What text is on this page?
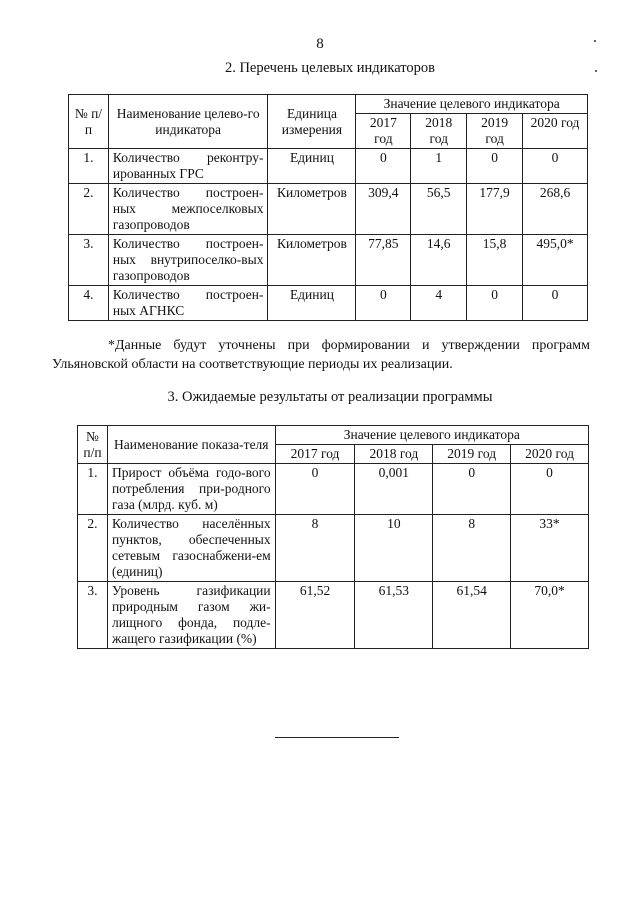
8
2. Перечень целевых индикаторов
№ п/п	Наименование целево-го индикатора	Единица измерения	Значение целевого индикатора			
			2017 год	2018 год	2019 год	2020 год
1.	Количество реконтру-ированных ГРС	Единиц	0	1	0	0
2.	Количество построен-ных межпоселковых газопроводов	Километров	309,4	56,5	177,9	268,6
3.	Количество построен-ных внутрипоселко-вых газопроводов	Километров	77,85	14,6	15,8	495,0*
4.	Количество построен-ных АГНКС	Единиц	0	4	0	0
*Данные будут уточнены при формировании и утверждении программ Ульяновской области на соответствующие периоды их реализации.
3. Ожидаемые результаты от реализации программы
№ п/п	Наименование показа-теля	Значение целевого индикатора			
		2017 год	2018 год	2019 год	2020 год
1.	Прирост объёма годо-вого потребления при-родного газа (млрд. куб. м)	0	0,001	0	0
2.	Количество населённых пунктов, обеспеченных сетевым газоснабжени-ем (единиц)	8	10	8	33*
3.	Уровень газификации природным газом жи-лищного фонда, подле-жащего газификации (%)	61,52	61,53	61,54	70,0*
